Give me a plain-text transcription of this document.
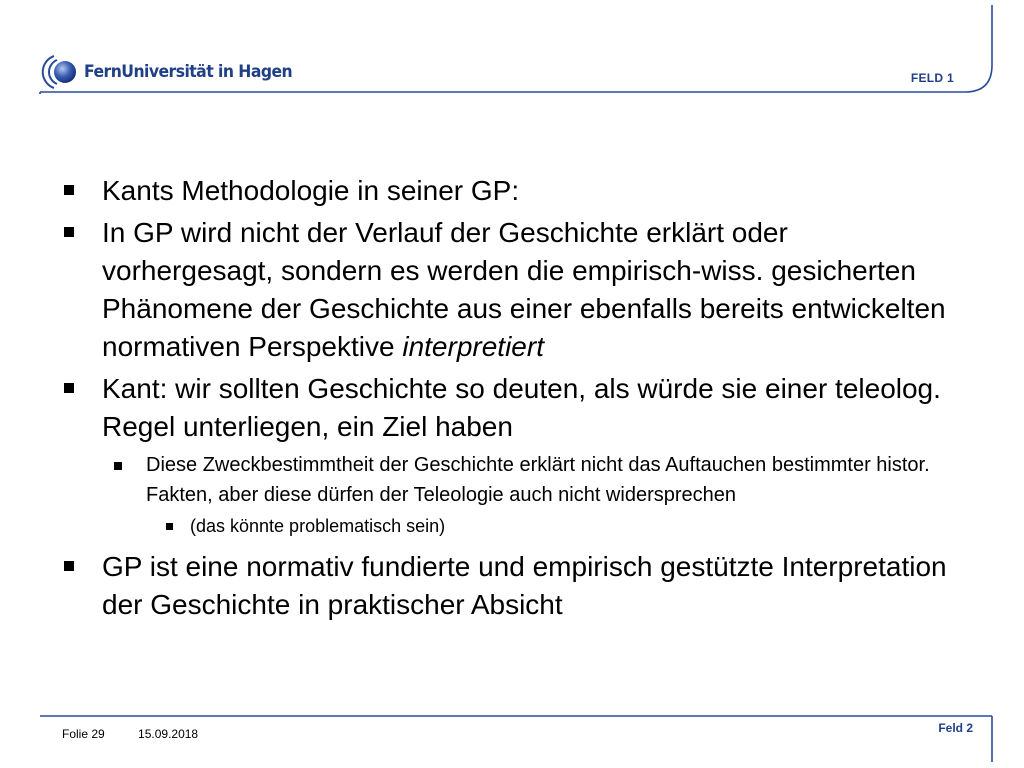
FernUniversität in Hagen	FELD 1
Kants Methodologie in seiner GP:
In GP wird nicht der Verlauf der Geschichte erklärt oder vorhergesagt, sondern es werden die empirisch-wiss. gesicherten Phänomene der Geschichte aus einer ebenfalls bereits entwickelten normativen Perspektive interpretiert
Kant: wir sollten Geschichte so deuten, als würde sie einer teleolog. Regel unterliegen, ein Ziel haben
Diese Zweckbestimmtheit der Geschichte erklärt nicht das Auftauchen bestimmter histor. Fakten, aber diese dürfen der Teleologie auch nicht widersprechen
(das könnte problematisch sein)
GP ist eine normativ fundierte und empirisch gestützte Interpretation der Geschichte in praktischer Absicht
Folie 29	15.09.2018	Feld 2
